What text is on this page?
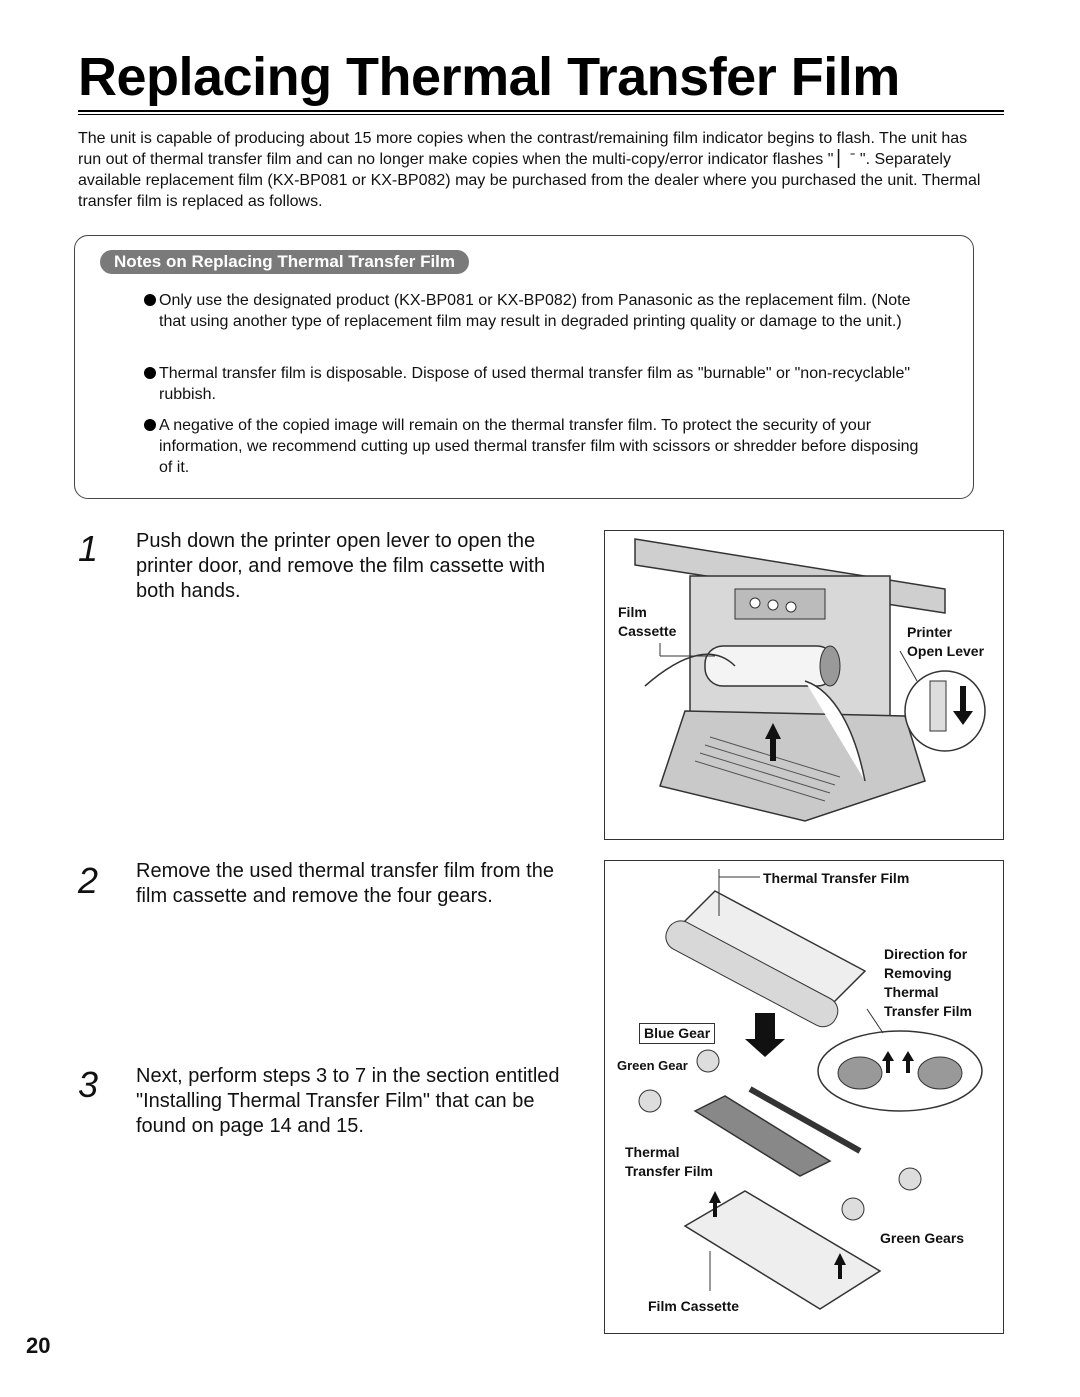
Replacing Thermal Transfer Film

The unit is capable of producing about 15 more copies when the contrast/remaining film indicator begins to flash. The unit has run out of thermal transfer film and can no longer make copies when the multi-copy/error indicator flashes " ▏ˉ ". Separately available replacement film (KX-BP081 or KX-BP082) may be purchased from the dealer where you purchased the unit. Thermal transfer film is replaced as follows.

Notes on Replacing Thermal Transfer Film
Only use the designated product (KX-BP081 or KX-BP082) from Panasonic as the replacement film. (Note that using another type of replacement film may result in degraded printing quality or damage to the unit.)
Thermal transfer film is disposable. Dispose of used thermal transfer film as "burnable" or "non-recyclable" rubbish.
A negative of the copied image will remain on the thermal transfer film. To protect the security of your information, we recommend cutting up used thermal transfer film with scissors or shredder before disposing of it.
1 Push down the printer open lever to open the printer door, and remove the film cassette with both hands.
2 Remove the used thermal transfer film from the film cassette and remove the four gears.
3 Next, perform steps 3 to 7 in the section entitled "Installing Thermal Transfer Film" that can be found on page 14 and 15.
Film
Cassette	Printer
Open Lever
Thermal Transfer Film
Direction for
Removing
Thermal
Transfer Film
Blue Gear
Green Gear
Thermal
Transfer Film
Green Gears
Film Cassette
20
